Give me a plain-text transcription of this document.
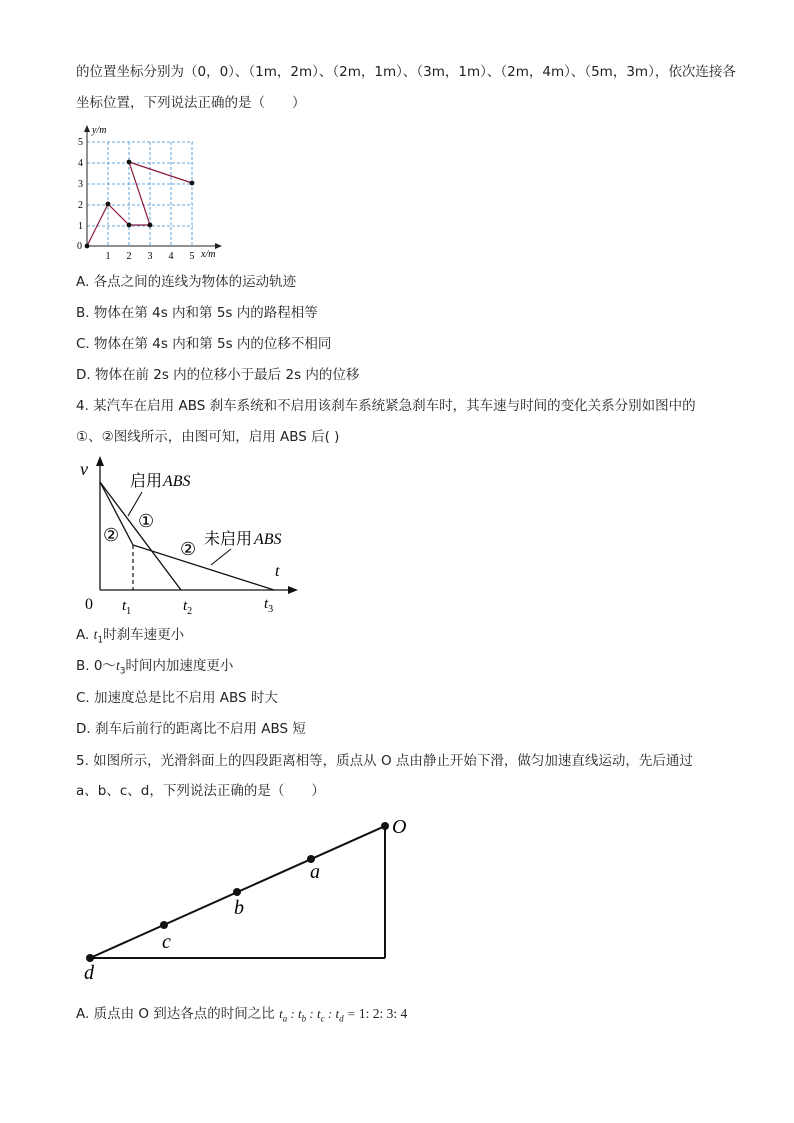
的位置坐标分别为（0，0）、（1m，2m）、（2m，1m）、（3m，1m）、（2m，4m）、（5m，3m），依次连接各
坐标位置，下列说法正确的是（　　）
y/m
x/m
0
1 2 3 4 5
1
2
3
4
5
A. 各点之间的连线为物体的运动轨迹
B. 物体在第 4s 内和第 5s 内的路程相等
C. 物体在第 4s 内和第 5s 内的位移不相同
D. 物体在前 2s 内的位移小于最后 2s 内的位移
4. 某汽车在启用 ABS 刹车系统和不启用该刹车系统紧急刹车时，其车速与时间的变化关系分别如图中的
①、②图线所示，由图可知，启用 ABS 后( )
v
t
0
启用 ABS
①
②
② 未启用 ABS
$t_1$	$t_2$	$t_3$
A. $t_1$时刹车速更小
B. $0\sim t_3$时间内加速度更小
C. 加速度总是比不启用 ABS 时大
D. 刹车后前行的距离比不启用 ABS 短
5. 如图所示，光滑斜面上的四段距离相等，质点从 O 点由静止开始下滑，做匀加速直线运动，先后通过
a、b、c、d，下列说法正确的是（　　）
O
a
b
c
d
A. 质点由 O 到达各点的时间之比 $t_a$ : $t_b$ : $t_c$ : $t_d = 1$: 2: 3: 4
